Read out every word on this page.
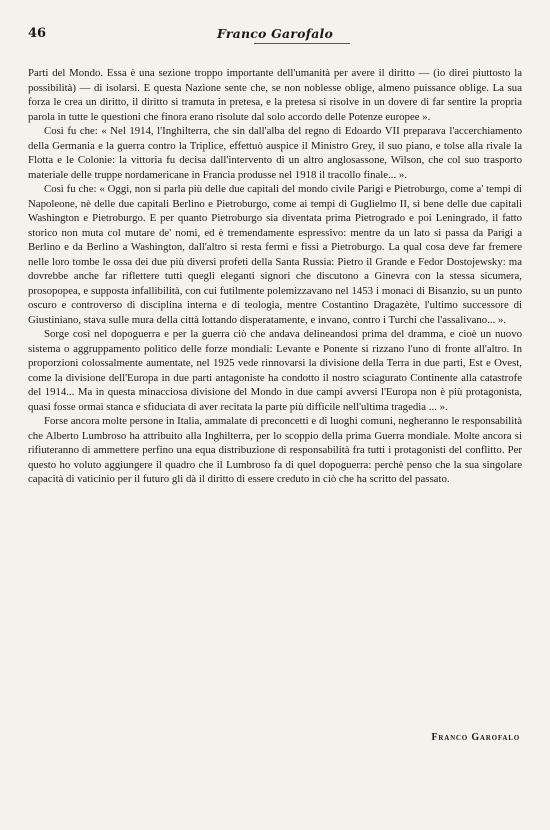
46	Franco Garofalo

Parti del Mondo. Essa è una sezione troppo importante dell'umanità per avere il diritto — (io direi piuttosto la possibilità) — di isolarsi. E questa Nazione sente che, se non noblesse oblige, almeno puissance oblige. La sua forza le crea un diritto, il diritto si tramuta in pretesa, e la pretesa si risolve in un dovere di far sentire la propria parola in tutte le questioni che finora erano risolute dal solo accordo delle Potenze europee ».

Così fu che: « Nel 1914, l'Inghilterra, che sin dall'alba del regno di Edoardo VII preparava l'accerchiamento della Germania e la guerra contro la Triplice, effettuò auspice il Ministro Grey, il suo piano, e tolse alla rivale la Flotta e le Colonie: la vittoria fu decisa dall'intervento di un altro anglosassone, Wilson, che col suo trasporto materiale delle truppe nordamericane in Francia produsse nel 1918 il tracollo finale... ».

Così fu che: « Oggi, non si parla più delle due capitali del mondo civile Parigi e Pietroburgo, come a' tempi di Napoleone, nè delle due capitali Berlino e Pietroburgo, come ai tempi di Guglielmo II, sì bene delle due capitali Washington e Pietroburgo. E per quanto Pietroburgo sia diventata prima Pietrogrado e poi Leningrado, il fatto storico non muta col mutare de' nomi, ed è tremendamente espressivo: mentre da un lato si passa da Parigi a Berlino e da Berlino a Washington, dall'altro si resta fermi e fissi a Pietroburgo. La qual cosa deve far fremere nelle loro tombe le ossa dei due più diversi profeti della Santa Russia: Pietro il Grande e Fedor Dostojewsky: ma dovrebbe anche far riflettere tutti quegli eleganti signori che discutono a Ginevra con la stessa sicumera, prosopopea, e supposta infallibilità, con cui futilmente polemizzavano nel 1453 i monaci di Bisanzio, su un punto oscuro e controverso di disciplina interna e di teologia, mentre Costantino Dragazète, l'ultimo successore di Giustiniano, stava sulle mura della città lottando disperatamente, e invano, contro i Turchi che l'assalivano... ».

Sorge così nel dopoguerra e per la guerra ciò che andava delineandosi prima del dramma, e cioè un nuovo sistema o aggruppamento politico delle forze mondiali: Levante e Ponente si rizzano l'uno di fronte all'altro. In proporzioni colossalmente aumentate, nel 1925 vede rinnovarsi la divisione della Terra in due parti, Est e Ovest, come la divisione dell'Europa in due parti antagoniste ha condotto il nostro sciagurato Continente alla catastrofe del 1914... Ma in questa minacciosa divisione del Mondo in due campi avversi l'Europa non è più protagonista, quasi fosse ormai stanca e sfiduciata di aver recitata la parte più difficile nell'ultima tragedia ... ».

Forse ancora molte persone in Italia, ammalate di preconcetti e di luoghi comuni, negheranno le responsabilità che Alberto Lumbroso ha attribuito alla Inghilterra, per lo scoppio della prima Guerra mondiale. Molte ancora si rifiuteranno di ammettere perfino una equa distribuzione di responsabilità fra tutti i protagonisti del conflitto. Per questo ho voluto aggiungere il quadro che il Lumbroso fa di quel dopoguerra: perchè penso che la sua singolare capacità di vaticinio per il futuro gli dà il diritto di essere creduto in ciò che ha scritto del passato.

Franco Garofalo
